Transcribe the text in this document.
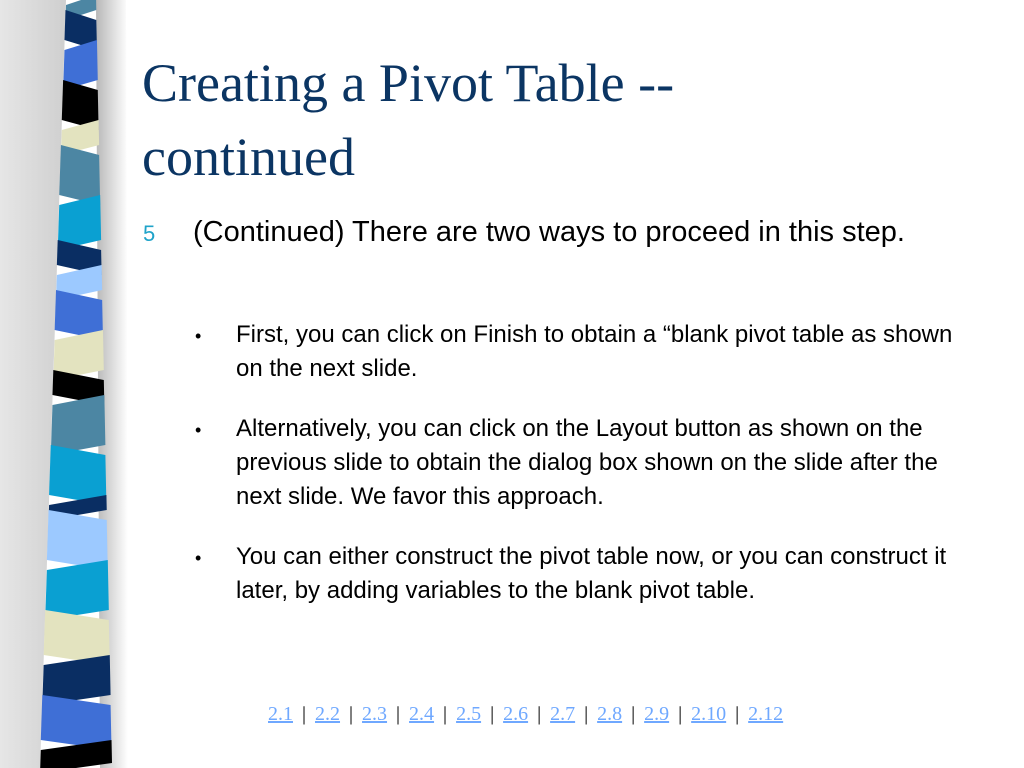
Creating a Pivot Table --
continued
5 (Continued) There are two ways to proceed in this step.
• First, you can click on Finish to obtain a “blank pivot table as shown on the next slide.
• Alternatively, you can click on the Layout button as shown on the previous slide to obtain the dialog box shown on the slide after the next slide. We favor this approach.
• You can either construct the pivot table now, or you can construct it later, by adding variables to the blank pivot table.
2.1 | 2.2 | 2.3 | 2.4 | 2.5 | 2.6 | 2.7 | 2.8 | 2.9 | 2.10 | 2.12
